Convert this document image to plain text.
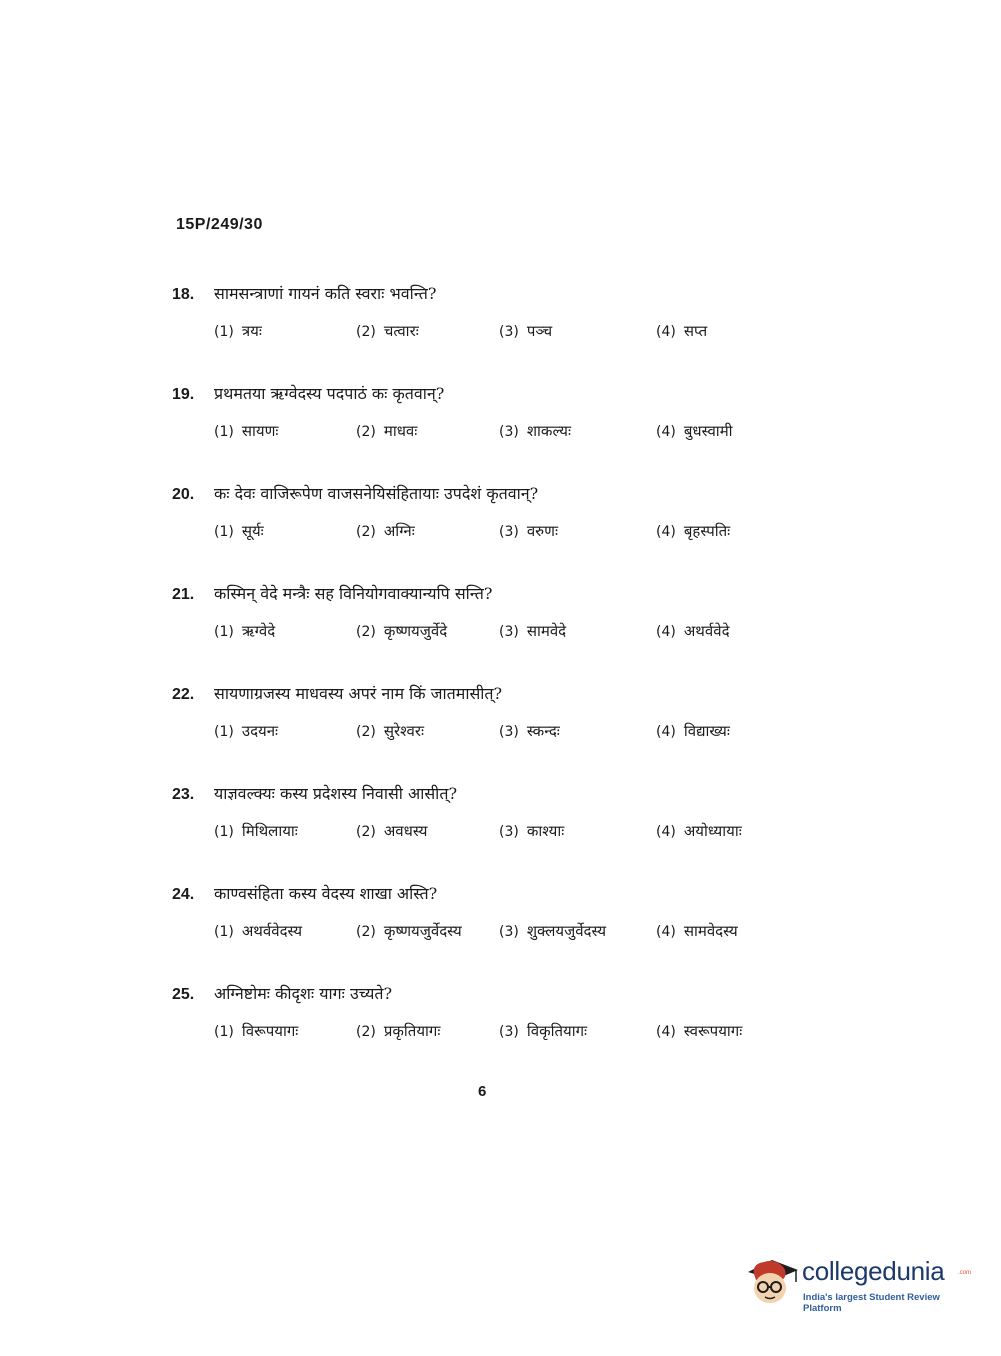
15P/249/30
18.	सामसन्त्राणां गायनं कति स्वराः भवन्ति?
(1) त्रयः	(2) चत्वारः	(3) पञ्च	(4) सप्त
19.	प्रथमतया ऋग्वेदस्य पदपाठं कः कृतवान्?
(1) सायणः	(2) माधवः	(3) शाकल्यः	(4) बुधस्वामी
20.	कः देवः वाजिरूपेण वाजसनेयिसंहितायाः उपदेशं कृतवान्?
(1) सूर्यः	(2) अग्निः	(3) वरुणः	(4) बृहस्पतिः
21.	कस्मिन् वेदे मन्त्रैः सह विनियोगवाक्यान्यपि सन्ति?
(1) ऋग्वेदे	(2) कृष्णयजुर्वेदे	(3) सामवेदे	(4) अथर्ववेदे
22.	सायणाग्रजस्य माधवस्य अपरं नाम किं जातमासीत्?
(1) उदयनः	(2) सुरेश्वरः	(3) स्कन्दः	(4) विद्याख्यः
23.	याज्ञवल्क्यः कस्य प्रदेशस्य निवासी आसीत्?
(1) मिथिलायाः	(2) अवधस्य	(3) काश्याः	(4) अयोध्यायाः
24.	काण्वसंहिता कस्य वेदस्य शाखा अस्ति?
(1) अथर्ववेदस्य	(2) कृष्णयजुर्वेदस्य	(3) शुक्लयजुर्वेदस्य	(4) सामवेदस्य
25.	अग्निष्टोमः कीदृशः यागः उच्यते?
(1) विरूपयागः	(2) प्रकृतियागः	(3) विकृतियागः	(4) स्वरूपयागः
6
collegedunia .com
India's largest Student Review Platform
